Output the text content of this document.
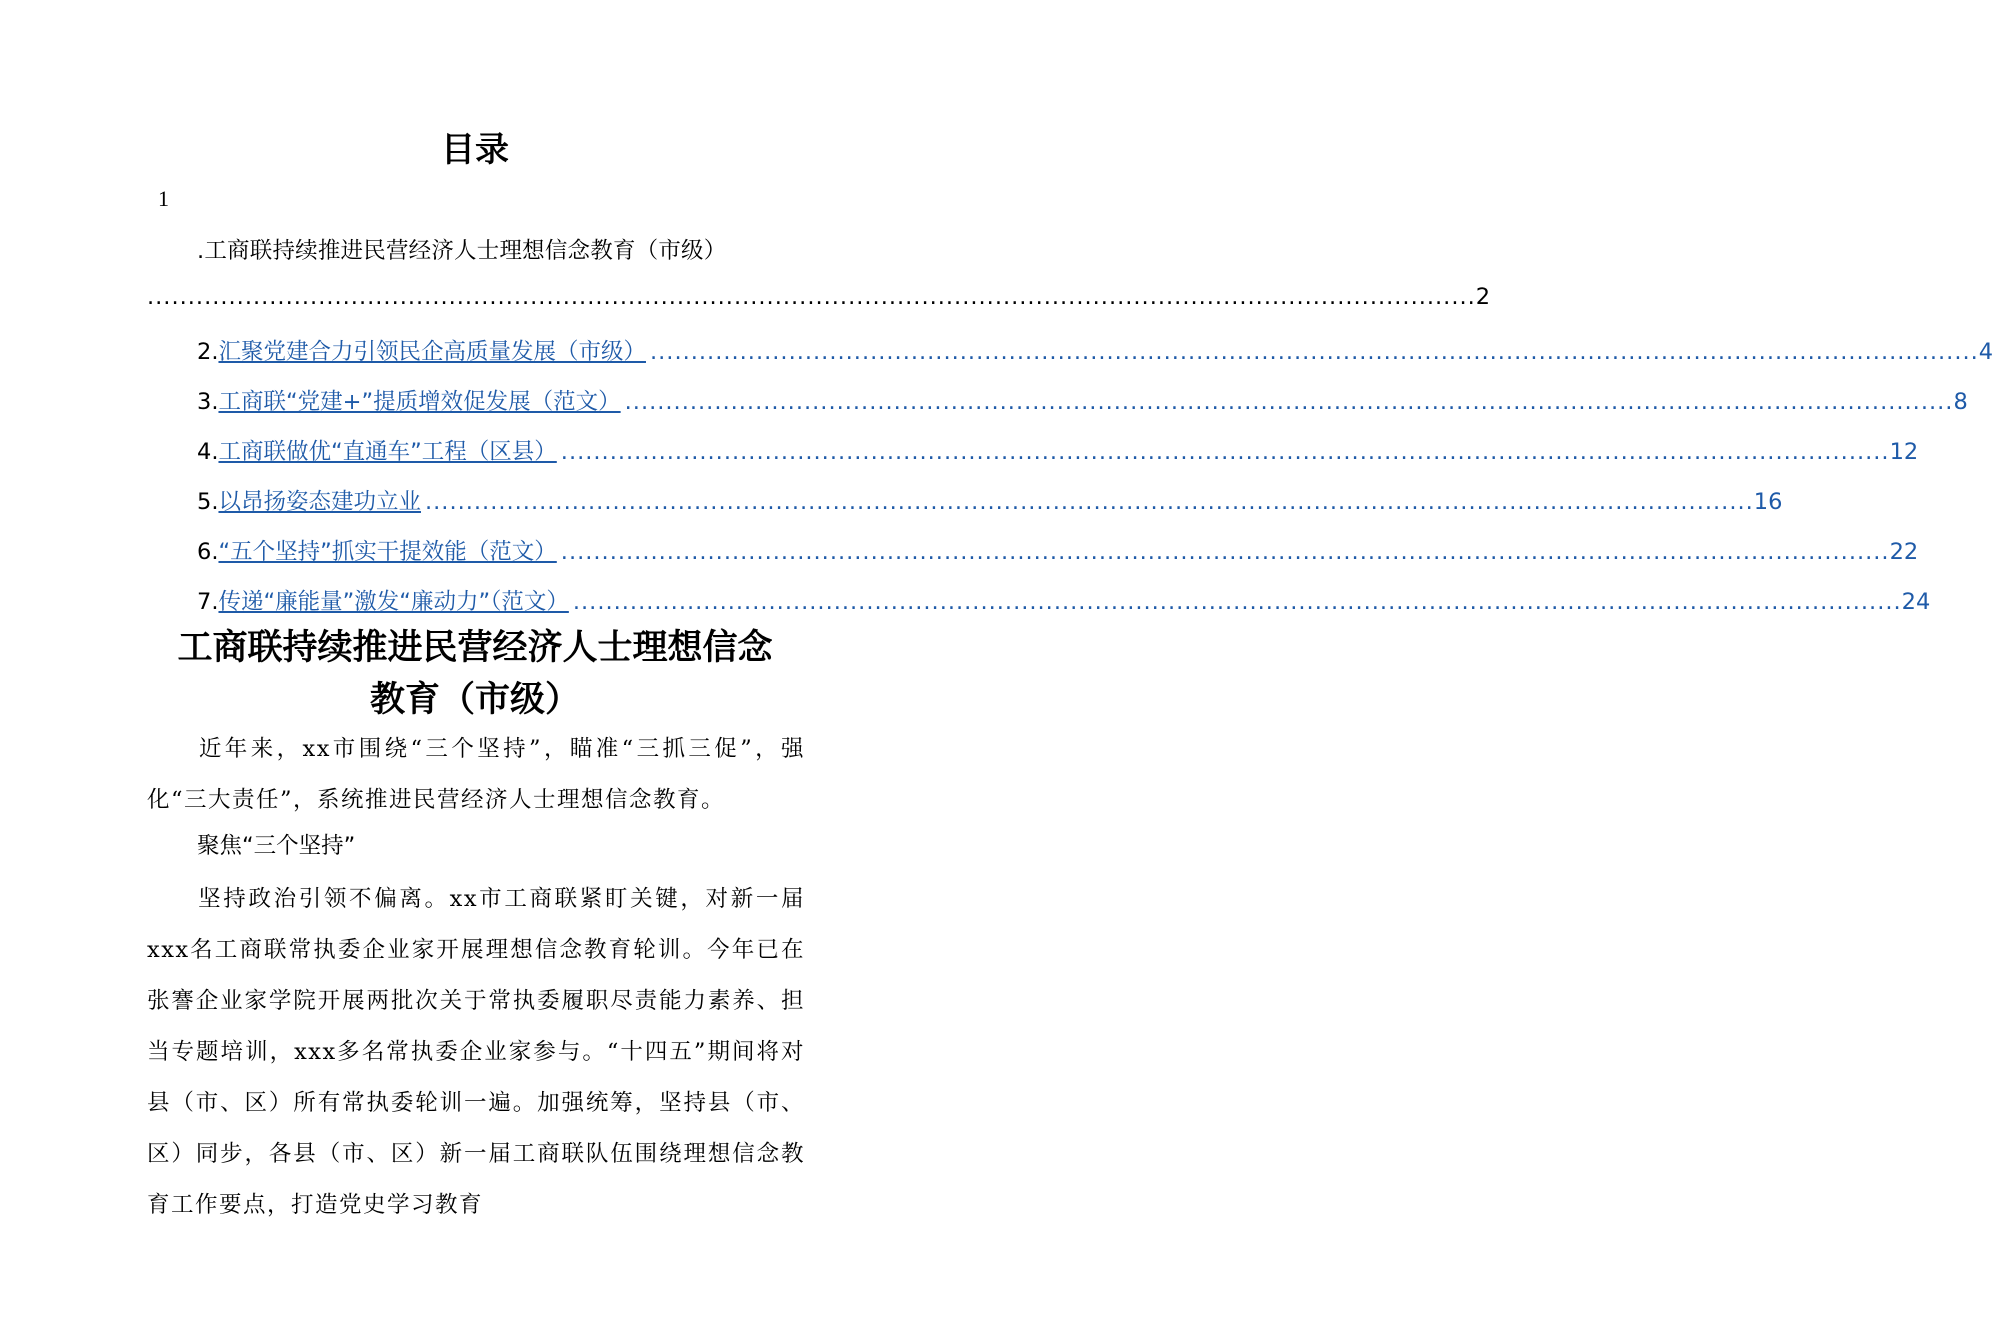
目录
1
.工商联持续推进民营经济人士理想信念教育（市级）
................................................................................................................................................................... 2
2. 汇聚党建合力引领民企高质量发展（市级） ................................................................................................................................................................... 4
3. 工商联“党建+”提质增效促发展（范文） ................................................................................................................................................................... 8
4. 工商联做优“直通车”工程（区县） ................................................................................................................................................................... 12
5. 以昂扬姿态建功立业 ................................................................................................................................................................... 16
6. “五个坚持”抓实干提效能（范文） ................................................................................................................................................................... 22
7. 传递“廉能量”激发“廉动力”（范文） ................................................................................................................................................................... 24
工商联持续推进民营经济人士理想信念
教育（市级）
近年来，xx市围绕“三个坚持”，瞄准“三抓三促”，强化“三大责任”，系统推进民营经济人士理想信念教育。
聚焦“三个坚持”
坚持政治引领不偏离。xx市工商联紧盯关键，对新一届xxx名工商联常执委企业家开展理想信念教育轮训。今年已在张謇企业家学院开展两批次关于常执委履职尽责能力素养、担当专题培训，xxx多名常执委企业家参与。“十四五”期间将对县（市、区）所有常执委轮训一遍。加强统筹，坚持县（市、区）同步，各县（市、区）新一届工商联队伍围绕理想信念教育工作要点，打造党史学习教育
